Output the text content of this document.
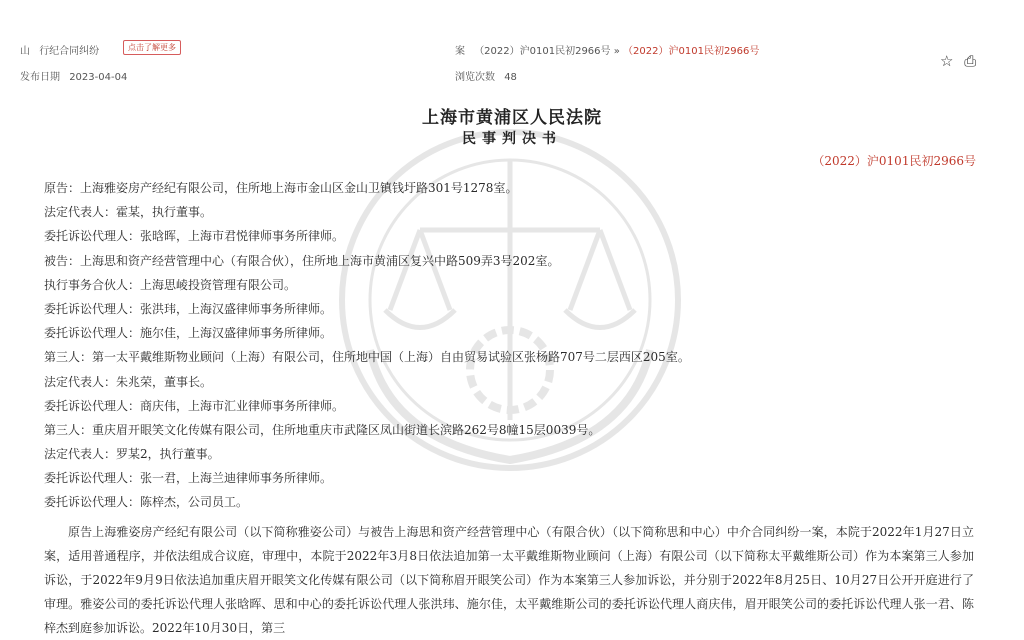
山 行纪合同纠纷	点击了解更多
发布日期 2023-04-04
案 （2022）沪0101民初2966号 » （2022）沪0101民初2966号
浏览次数 48
☆ ⎙
上海市黄浦区人民法院
民事判决书
（2022）沪0101民初2966号
原告：上海雅姿房产经纪有限公司，住所地上海市金山区金山卫镇钱圩路301号1278室。
法定代表人：霍某，执行董事。
委托诉讼代理人：张晗晖，上海市君悦律师事务所律师。
被告：上海思和资产经营管理中心（有限合伙），住所地上海市黄浦区复兴中路509弄3号202室。
执行事务合伙人：上海思崚投资管理有限公司。
委托诉讼代理人：张洪玮，上海汉盛律师事务所律师。
委托诉讼代理人：施尔佳，上海汉盛律师事务所律师。
第三人：第一太平戴维斯物业顾问（上海）有限公司，住所地中国（上海）自由贸易试验区张杨路707号二层西区205室。
法定代表人：朱兆荣，董事长。
委托诉讼代理人：商庆伟，上海市汇业律师事务所律师。
第三人：重庆眉开眼笑文化传媒有限公司，住所地重庆市武隆区凤山街道长滨路262号8幢15层0039号。
法定代表人：罗某2，执行董事。
委托诉讼代理人：张一君，上海兰迪律师事务所律师。
委托诉讼代理人：陈梓杰，公司员工。
原告上海雅姿房产经纪有限公司（以下简称雅姿公司）与被告上海思和资产经营管理中心（有限合伙）（以下简称思和中心）中介合同纠纷一案，本院于2022年1月27日立案，适用普通程序，并依法组成合议庭，审理中，本院于2022年3月8日依法追加第一太平戴维斯物业顾问（上海）有限公司（以下简称太平戴维斯公司）作为本案第三人参加诉讼，于2022年9月9日依法追加重庆眉开眼笑文化传媒有限公司（以下简称眉开眼笑公司）作为本案第三人参加诉讼，并分别于2022年8月25日、10月27日公开开庭进行了审理。雅姿公司的委托诉讼代理人张晗晖、思和中心的委托诉讼代理人张洪玮、施尔佳，太平戴维斯公司的委托诉讼代理人商庆伟，眉开眼笑公司的委托诉讼代理人张一君、陈梓杰到庭参加诉讼。2022年10月30日，第三
